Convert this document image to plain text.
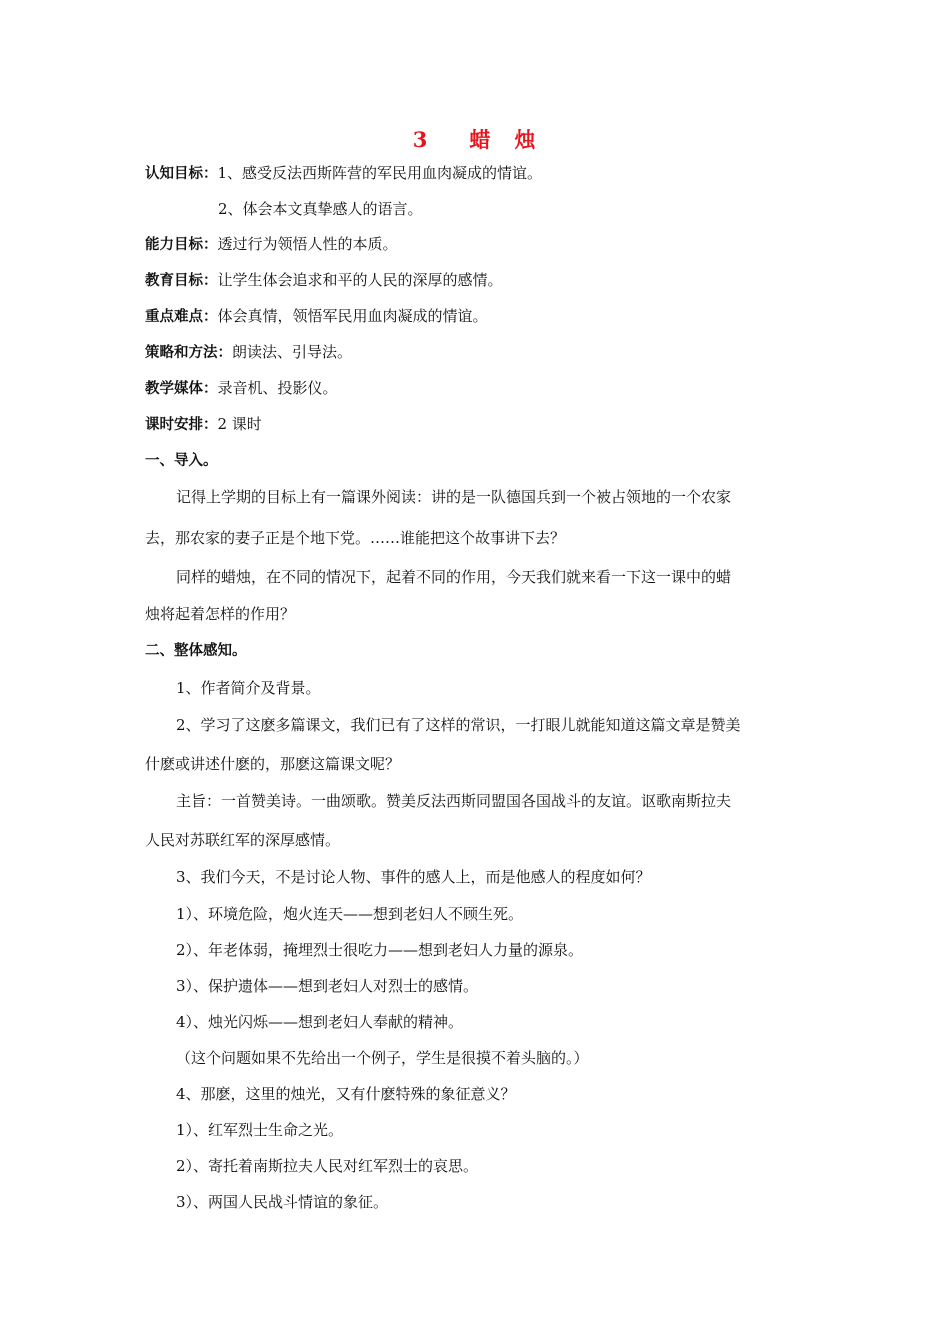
3 蜡 烛
认知目标：1、感受反法西斯阵营的军民用血肉凝成的情谊。
2、体会本文真挚感人的语言。
能力目标：透过行为领悟人性的本质。
教育目标：让学生体会追求和平的人民的深厚的感情。
重点难点：体会真情，领悟军民用血肉凝成的情谊。
策略和方法：朗读法、引导法。
教学媒体：录音机、投影仪。
课时安排：2 课时
一、导入。
记得上学期的目标上有一篇课外阅读：讲的是一队德国兵到一个被占领地的一个农家
去，那农家的妻子正是个地下党。……谁能把这个故事讲下去？
同样的蜡烛，在不同的情况下，起着不同的作用，今天我们就来看一下这一课中的蜡
烛将起着怎样的作用？
二、整体感知。
1、作者简介及背景。
2、学习了这麽多篇课文，我们已有了这样的常识，一打眼儿就能知道这篇文章是赞美
什麽或讲述什麽的，那麽这篇课文呢？
主旨：一首赞美诗。一曲颂歌。赞美反法西斯同盟国各国战斗的友谊。讴歌南斯拉夫
人民对苏联红军的深厚感情。
3、我们今天，不是讨论人物、事件的感人上，而是他感人的程度如何？
1）、环境危险，炮火连天——想到老妇人不顾生死。
2）、年老体弱，掩埋烈士很吃力——想到老妇人力量的源泉。
3）、保护遗体——想到老妇人对烈士的感情。
4）、烛光闪烁——想到老妇人奉献的精神。
（这个问题如果不先给出一个例子，学生是很摸不着头脑的。）
4、那麽，这里的烛光，又有什麽特殊的象征意义？
1）、红军烈士生命之光。
2）、寄托着南斯拉夫人民对红军烈士的哀思。
3）、两国人民战斗情谊的象征。
